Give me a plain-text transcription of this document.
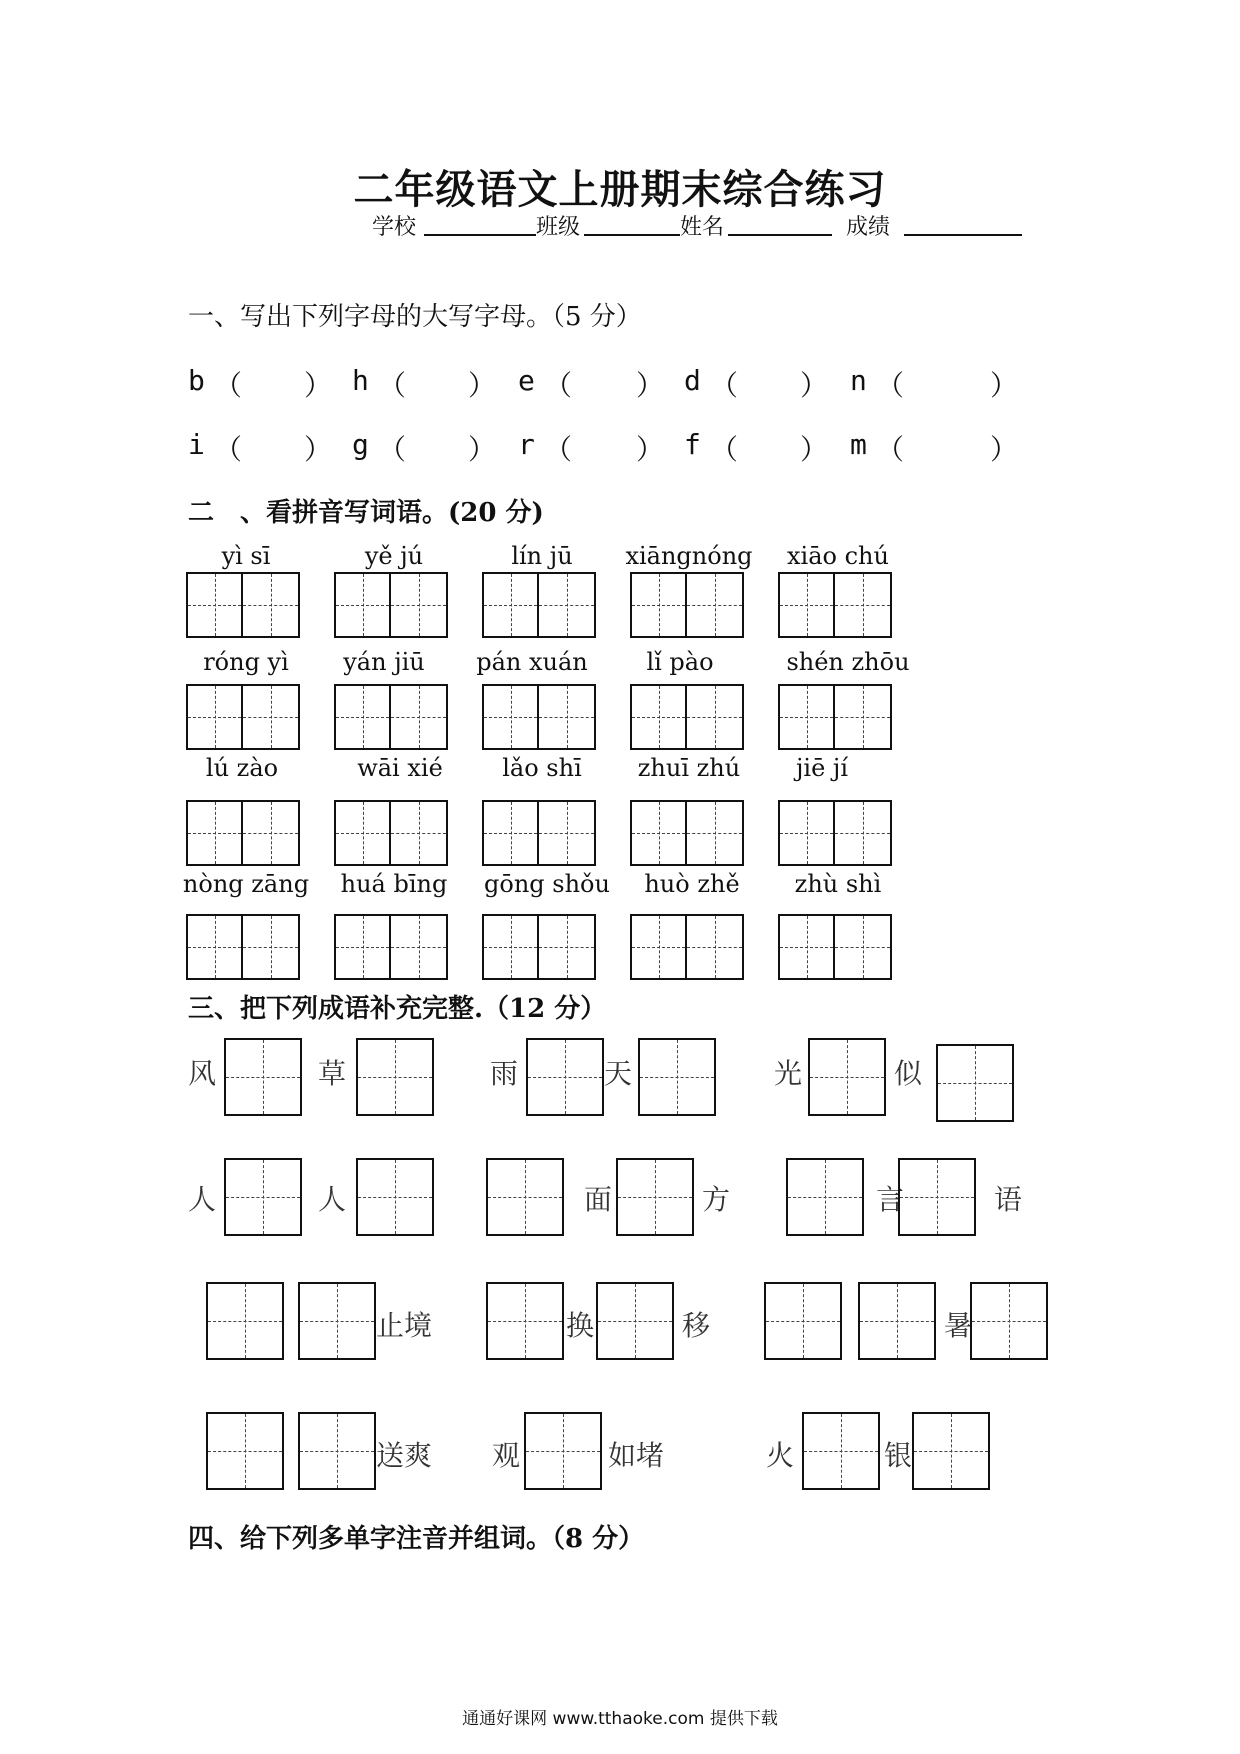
二年级语文上册期末综合练习
学校	班级	姓名	成绩
一、写出下列字母的大写字母。（5 分）
b （ ） h （ ） e （ ） d （ ） n （	）
i （ ） g （ ） r （ ） f （ ） m （	）
二　、看拼音写词语。(20 分)
yì sī	yě jú	lín jū	xiāngnóng	xiāo chú
róng yì	yán jiū	pán xuán	lǐ pào	shén zhōu
lú zào	wāi xié	lǎo shī	zhuī zhú	jiē jí
nòng zāng	huá bīng	gōng shǒu	huò zhě	zhù shì
三、把下列成语补充完整.（12 分）
风	草	雨	天	光	似
人	人	面	方	言	语
止境	换	移	暑
送爽 观	如堵	火	银
四、给下列多单字注音并组词。（8 分）
通通好课网 www.tthaoke.com 提供下载
